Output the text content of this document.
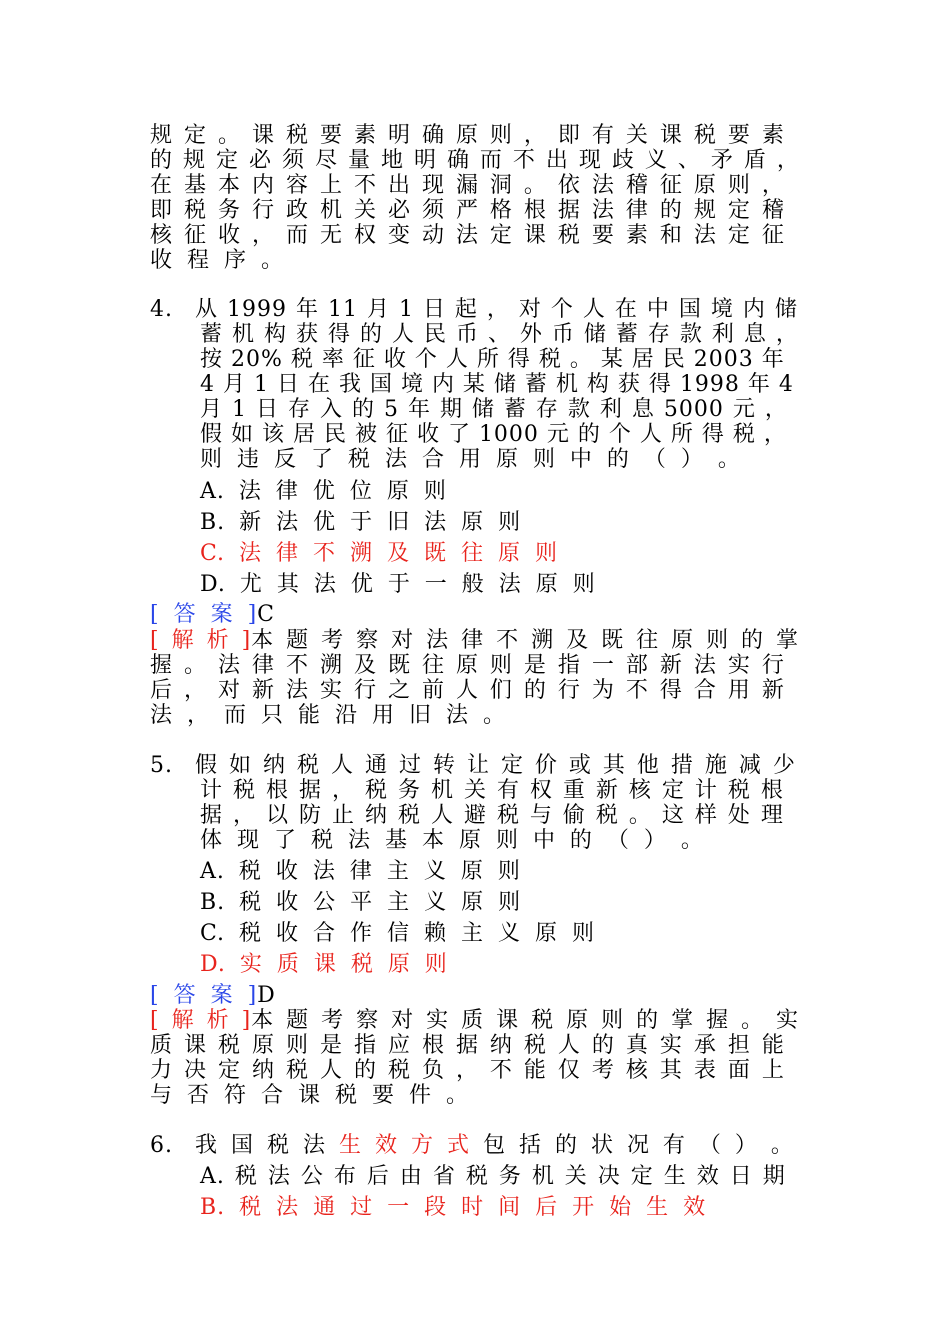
规 定 。 课 税 要 素 明 确 原 则 ， 即 有 关 课 税 要 素
的 规 定 必 须 尽 量 地 明 确 而 不 出 现 歧 义 、 矛 盾 ，
在 基 本 内 容 上 不 出 现 漏 洞 。 依 法 稽 征 原 则 ，
即 税 务 行 政 机 关 必 须 严 格 根 据 法 律 的 规 定 稽
核 征 收 ， 而 无 权 变 动 法 定 课 税 要 素 和 法 定 征
收 程 序 。
4. 从 1999 年 11 月 1 日 起 ， 对 个 人 在 中 国 境 内 储
蓄 机 构 获 得 的 人 民 币 、 外 币 储 蓄 存 款 利 息 ，
按 20% 税 率 征 收 个 人 所 得 税 。 某 居 民 2003 年
4 月 1 日 在 我 国 境 内 某 储 蓄 机 构 获 得 1998 年 4
月 1 日 存 入 的 5 年 期 储 蓄 存 款 利 息 5000 元 ，
假 如 该 居 民 被 征 收 了 1000 元 的 个 人 所 得 税 ，
则 违 反 了 税 法 合 用 原 则 中 的 （ ） 。
A. 法 律 优 位 原 则
B. 新 法 优 于 旧 法 原 则
C. 法 律 不 溯 及 既 往 原 则
D. 尤 其 法 优 于 一 般 法 原 则
[ 答 案 ]C
[ 解 析 ]本 题 考 察 对 法 律 不 溯 及 既 往 原 则 的 掌
握 。 法 律 不 溯 及 既 往 原 则 是 指 一 部 新 法 实 行
后 ， 对 新 法 实 行 之 前 人 们 的 行 为 不 得 合 用 新
法 ， 而 只 能 沿 用 旧 法 。
5. 假 如 纳 税 人 通 过 转 让 定 价 或 其 他 措 施 减 少
计 税 根 据 ， 税 务 机 关 有 权 重 新 核 定 计 税 根
据 ， 以 防 止 纳 税 人 避 税 与 偷 税 。 这 样 处 理
体 现 了 税 法 基 本 原 则 中 的 （ ） 。
A. 税 收 法 律 主 义 原 则
B. 税 收 公 平 主 义 原 则
C. 税 收 合 作 信 赖 主 义 原 则
D. 实 质 课 税 原 则
[ 答 案 ]D
[ 解 析 ]本 题 考 察 对 实 质 课 税 原 则 的 掌 握 。 实
质 课 税 原 则 是 指 应 根 据 纳 税 人 的 真 实 承 担 能
力 决 定 纳 税 人 的 税 负 ， 不 能 仅 考 核 其 表 面 上
与 否 符 合 课 税 要 件 。
6. 我 国 税 法 生 效 方 式 包 括 的 状 况 有 （ ） 。
A. 税 法 公 布 后 由 省 税 务 机 关 决 定 生 效 日 期
B. 税 法 通 过 一 段 时 间 后 开 始 生 效
